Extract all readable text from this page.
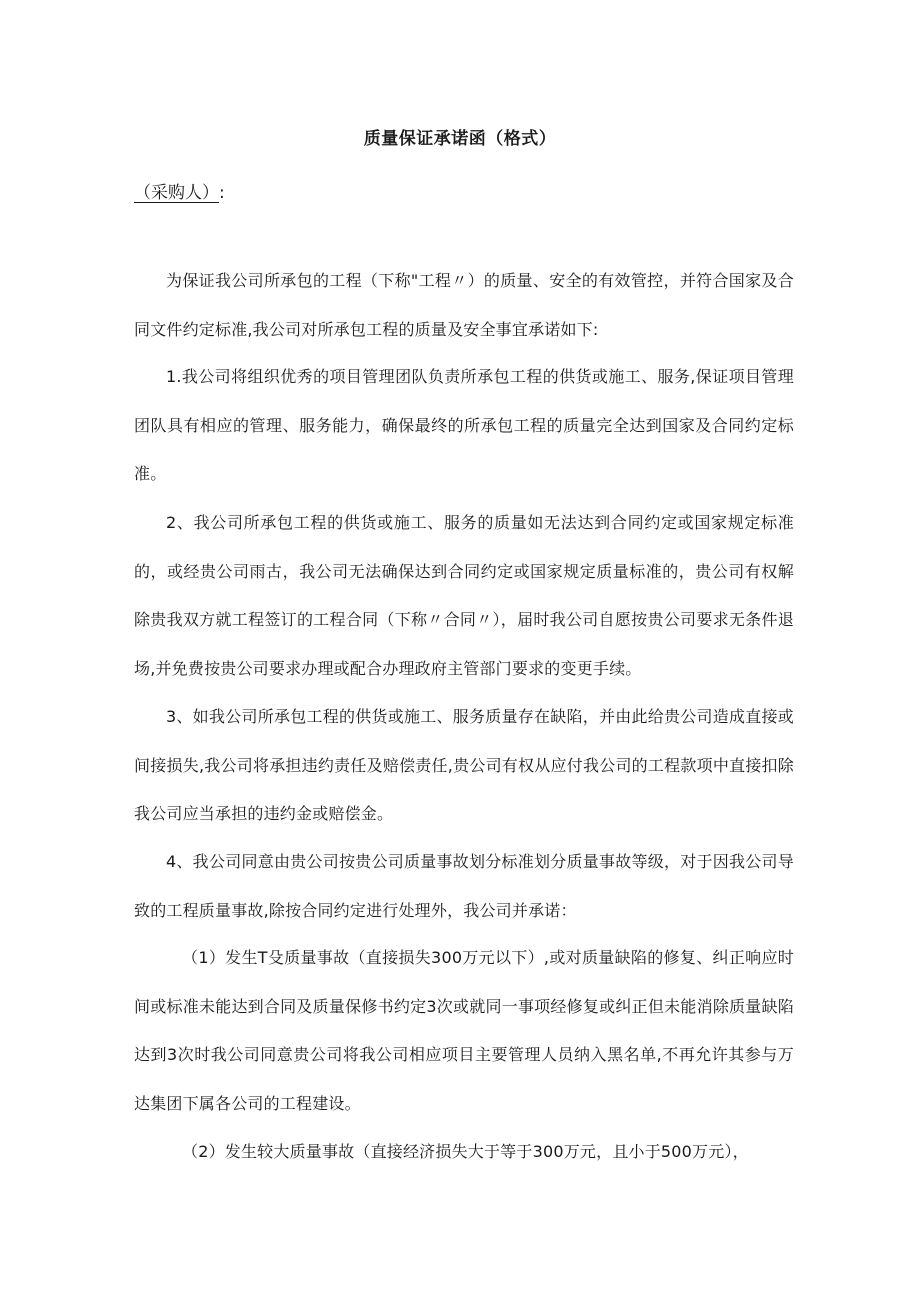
质量保证承诺函（格式）
（采购人）:

为保证我公司所承包的工程（下称"工程〃）的质量、安全的有效管控，并符合国家及合同文件约定标准,我公司对所承包工程的质量及安全事宜承诺如下:

1.我公司将组织优秀的项目管理团队负责所承包工程的供货或施工、服务,保证项目管理团队具有相应的管理、服务能力，确保最终的所承包工程的质量完全达到国家及合同约定标准。

2、我公司所承包工程的供货或施工、服务的质量如无法达到合同约定或国家规定标准的，或经贵公司雨古，我公司无法确保达到合同约定或国家规定质量标准的，贵公司有权解除贵我双方就工程签订的工程合同（下称〃合同〃），届时我公司自愿按贵公司要求无条件退场,并免费按贵公司要求办理或配合办理政府主管部门要求的变更手续。

3、如我公司所承包工程的供货或施工、服务质量存在缺陷，并由此给贵公司造成直接或间接损失,我公司将承担违约责任及赔偿责任,贵公司有权从应付我公司的工程款项中直接扣除我公司应当承担的违约金或赔偿金。

4、我公司同意由贵公司按贵公司质量事故划分标准划分质量事故等级，对于因我公司导致的工程质量事故,除按合同约定进行处理外，我公司并承诺：

（1）发生T殳质量事故（直接损失300万元以下）,或对质量缺陷的修复、纠正响应时间或标准未能达到合同及质量保修书约定3次或就同一事项经修复或纠正但未能消除质量缺陷达到3次时我公司同意贵公司将我公司相应项目主要管理人员纳入黑名单,不再允许其参与万达集团下属各公司的工程建设。

（2）发生较大质量事故（直接经济损失大于等于300万元，且小于500万元），
